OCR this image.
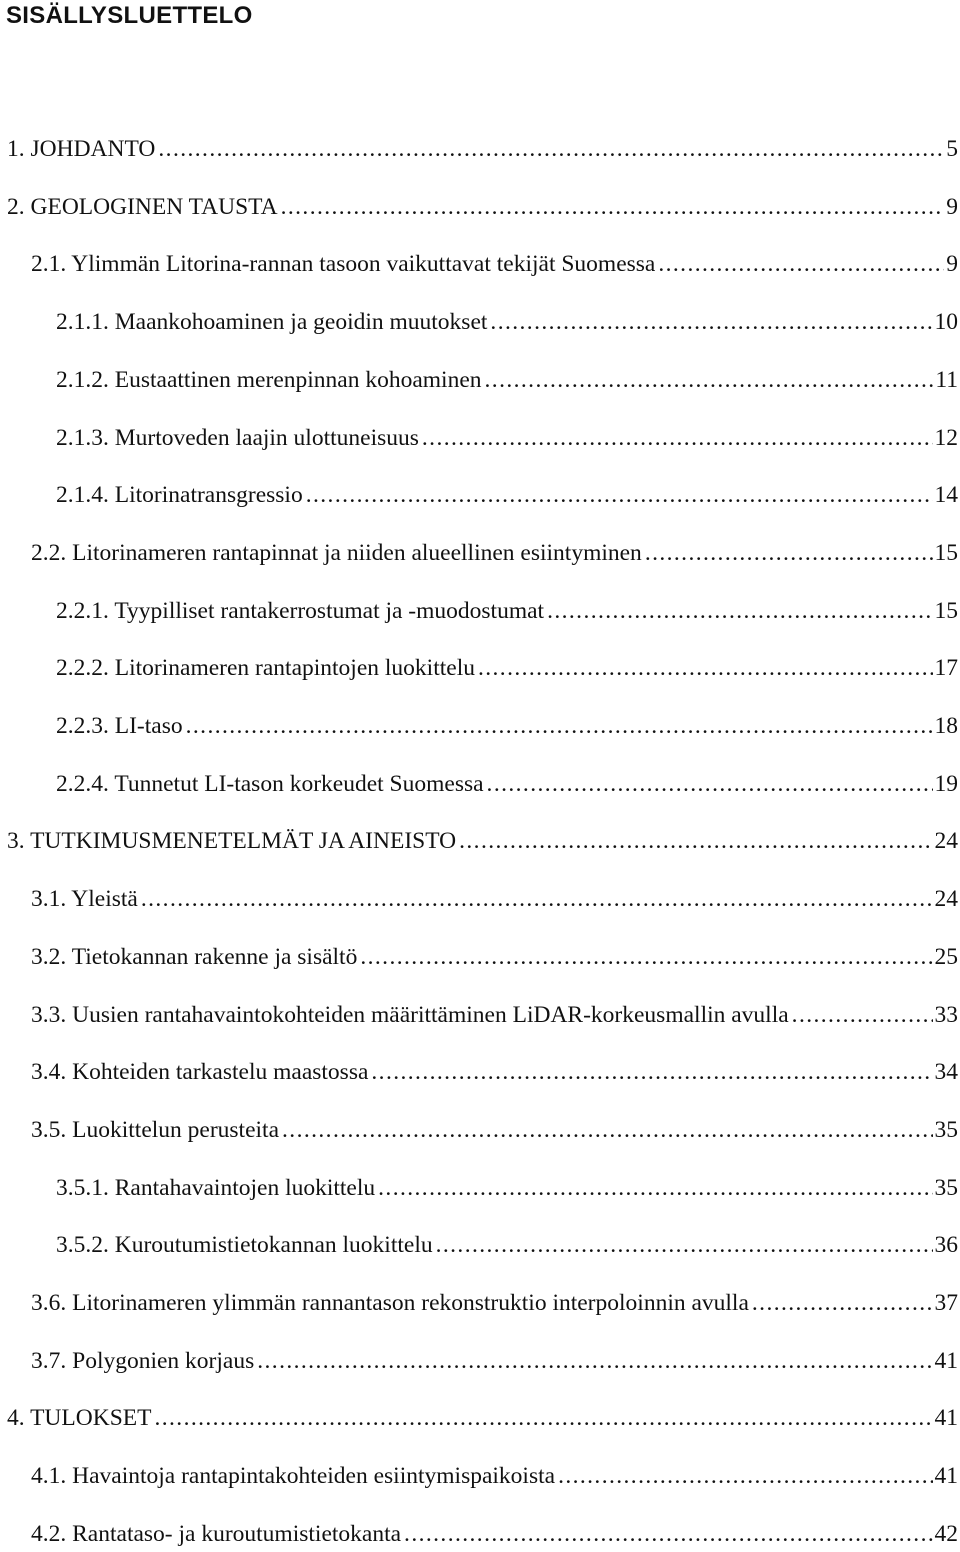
SISÄLLYSLUETTELO
1. JOHDANTO .....	5
2. GEOLOGINEN TAUSTA .....	9
2.1. Ylimmän Litorina-rannan tasoon vaikuttavat tekijät Suomessa .....	9
2.1.1. Maankohoaminen ja geoidin muutokset .....	10
2.1.2. Eustaattinen merenpinnan kohoaminen .....	11
2.1.3. Murtoveden laajin ulottuneisuus .....	12
2.1.4. Litorinatransgressio .....	14
2.2. Litorinameren rantapinnat ja niiden alueellinen esiintyminen .....	15
2.2.1. Tyypilliset rantakerrostumat ja -muodostumat .....	15
2.2.2. Litorinameren rantapintojen luokittelu .....	17
2.2.3. LI-taso .....	18
2.2.4. Tunnetut LI-tason korkeudet Suomessa .....	19
3. TUTKIMUSMENETELMÄT JA AINEISTO .....	24
3.1. Yleistä .....	24
3.2. Tietokannan rakenne ja sisältö .....	25
3.3. Uusien rantahavaintokohteiden määrittäminen LiDAR-korkeusmallin avulla .....	33
3.4. Kohteiden tarkastelu maastossa .....	34
3.5. Luokittelun perusteita .....	35
3.5.1. Rantahavaintojen luokittelu .....	35
3.5.2. Kuroutumistietokannan luokittelu .....	36
3.6. Litorinameren ylimmän rannantason rekonstruktio interpoloinnin avulla .....	37
3.7. Polygonien korjaus .....	41
4. TULOKSET .....	41
4.1. Havaintoja rantapintakohteiden esiintymispaikoista .....	41
4.2. Rantataso- ja kuroutumistietokanta .....	42
